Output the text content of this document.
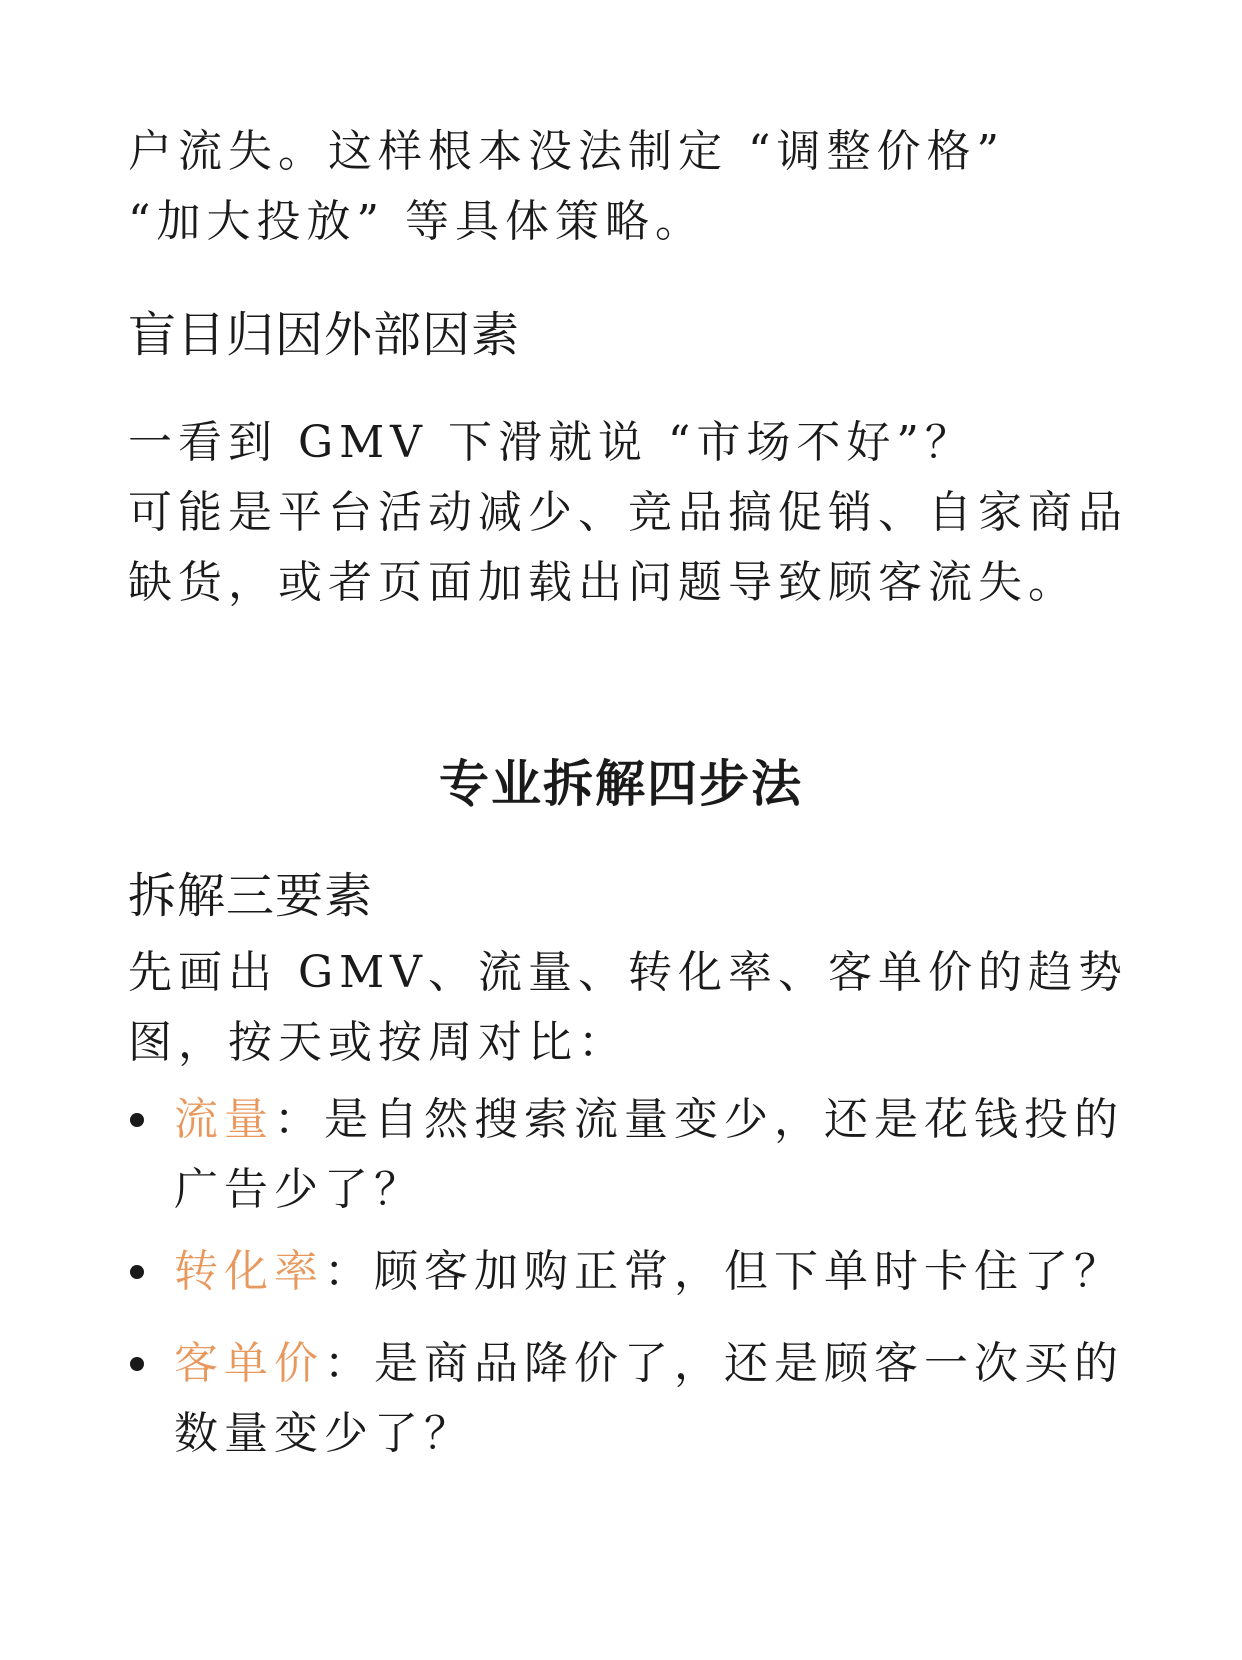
户流失。这样根本没法制定 “调整价格”

“加大投放” 等具体策略。

盲目归因外部因素

一看到 GMV 下滑就说 “市场不好”？

可能是平台活动减少、竞品搞促销、自家商品

缺货，或者页面加载出问题导致顾客流失。

专业拆解四步法
拆解三要素

先画出 GMV、流量、转化率、客单价的趋势

图，按天或按周对比：

流量：是自然搜索流量变少，还是花钱投的
广告少了？
转化率：顾客加购正常，但下单时卡住了？
客单价：是商品降价了，还是顾客一次买的
数量变少了？
